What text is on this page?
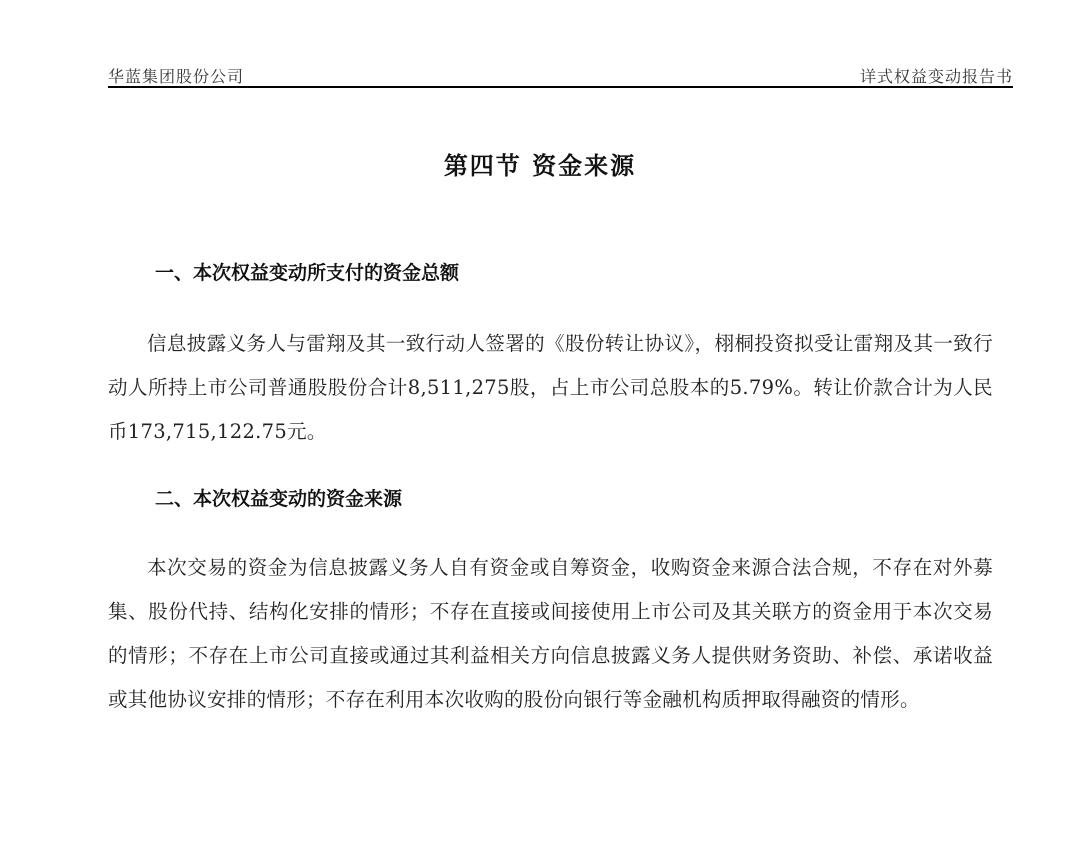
华蓝集团股份公司	详式权益变动报告书
第四节 资金来源
一、本次权益变动所支付的资金总额
信息披露义务人与雷翔及其一致行动人签署的《股份转让协议》，栩桐投资拟受让雷翔及其一致行动人所持上市公司普通股股份合计8,511,275股，占上市公司总股本的5.79%。转让价款合计为人民币173,715,122.75元。
二、本次权益变动的资金来源
本次交易的资金为信息披露义务人自有资金或自筹资金，收购资金来源合法合规，不存在对外募集、股份代持、结构化安排的情形；不存在直接或间接使用上市公司及其关联方的资金用于本次交易的情形；不存在上市公司直接或通过其利益相关方向信息披露义务人提供财务资助、补偿、承诺收益或其他协议安排的情形；不存在利用本次收购的股份向银行等金融机构质押取得融资的情形。
